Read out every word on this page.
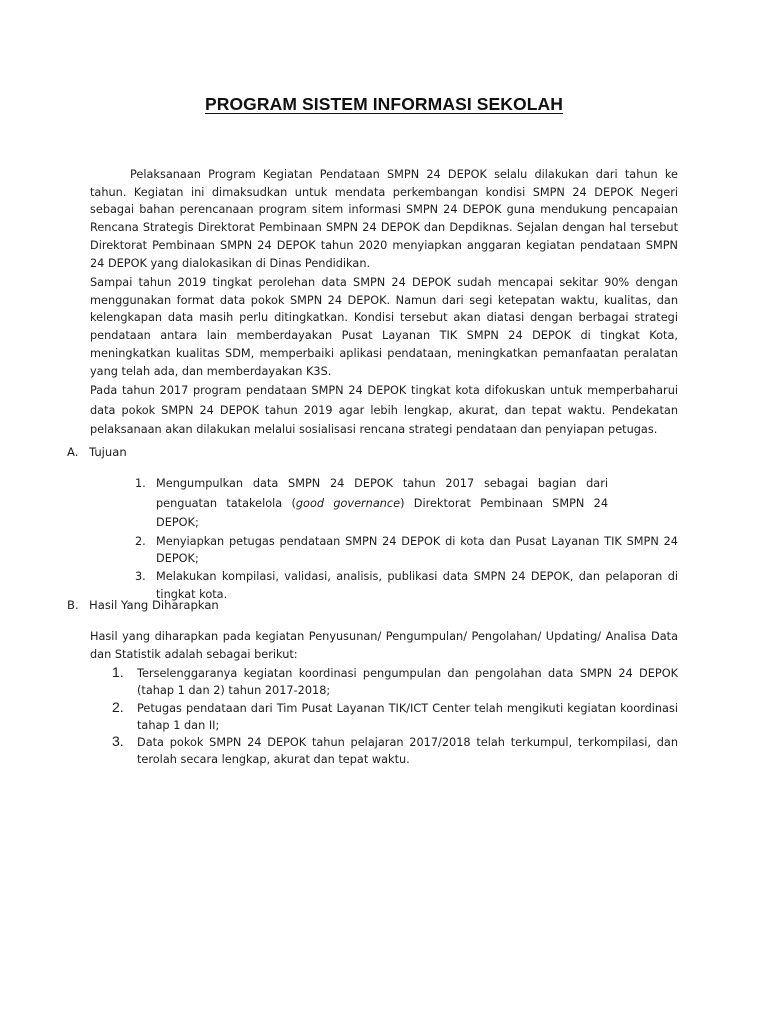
PROGRAM SISTEM INFORMASI SEKOLAH

Pelaksanaan Program Kegiatan Pendataan SMPN 24 DEPOK selalu dilakukan dari tahun ke tahun. Kegiatan ini dimaksudkan untuk mendata perkembangan kondisi SMPN 24 DEPOK Negeri sebagai bahan perencanaan program sitem informasi SMPN 24 DEPOK guna mendukung pencapaian Rencana Strategis Direktorat Pembinaan SMPN 24 DEPOK dan Depdiknas. Sejalan dengan hal tersebut Direktorat Pembinaan SMPN 24 DEPOK tahun 2020 menyiapkan anggaran kegiatan pendataan SMPN 24 DEPOK yang dialokasikan di Dinas Pendidikan.

Sampai tahun 2019 tingkat perolehan data SMPN 24 DEPOK sudah mencapai sekitar 90% dengan menggunakan format data pokok SMPN 24 DEPOK. Namun dari segi ketepatan waktu, kualitas, dan kelengkapan data masih perlu ditingkatkan. Kondisi tersebut akan diatasi dengan berbagai strategi pendataan antara lain memberdayakan Pusat Layanan TIK SMPN 24 DEPOK di tingkat Kota, meningkatkan kualitas SDM, memperbaiki aplikasi pendataan, meningkatkan pemanfaatan peralatan yang telah ada, dan memberdayakan K3S.

Pada tahun 2017 program pendataan SMPN 24 DEPOK tingkat kota difokuskan untuk memperbaharui data pokok SMPN 24 DEPOK tahun 2019 agar lebih lengkap, akurat, dan tepat waktu. Pendekatan pelaksanaan akan dilakukan melalui sosialisasi rencana strategi pendataan dan penyiapan petugas.

A. Tujuan
1. Mengumpulkan data SMPN 24 DEPOK tahun 2017 sebagai bagian dari penguatan tatakelola (good governance) Direktorat Pembinaan SMPN 24 DEPOK;
2. Menyiapkan petugas pendataan SMPN 24 DEPOK di kota dan Pusat Layanan TIK SMPN 24 DEPOK;
3. Melakukan kompilasi, validasi, analisis, publikasi data SMPN 24 DEPOK, dan pelaporan di tingkat kota.
B. Hasil Yang Diharapkan

Hasil yang diharapkan pada kegiatan Penyusunan/ Pengumpulan/ Pengolahan/ Updating/ Analisa Data dan Statistik adalah sebagai berikut:

1. Terselenggaranya kegiatan koordinasi pengumpulan dan pengolahan data SMPN 24 DEPOK (tahap 1 dan 2) tahun 2017-2018;
2. Petugas pendataan dari Tim Pusat Layanan TIK/ICT Center telah mengikuti kegiatan koordinasi tahap 1 dan II;
3. Data pokok SMPN 24 DEPOK tahun pelajaran 2017/2018 telah terkumpul, terkompilasi, dan terolah secara lengkap, akurat dan tepat waktu.
